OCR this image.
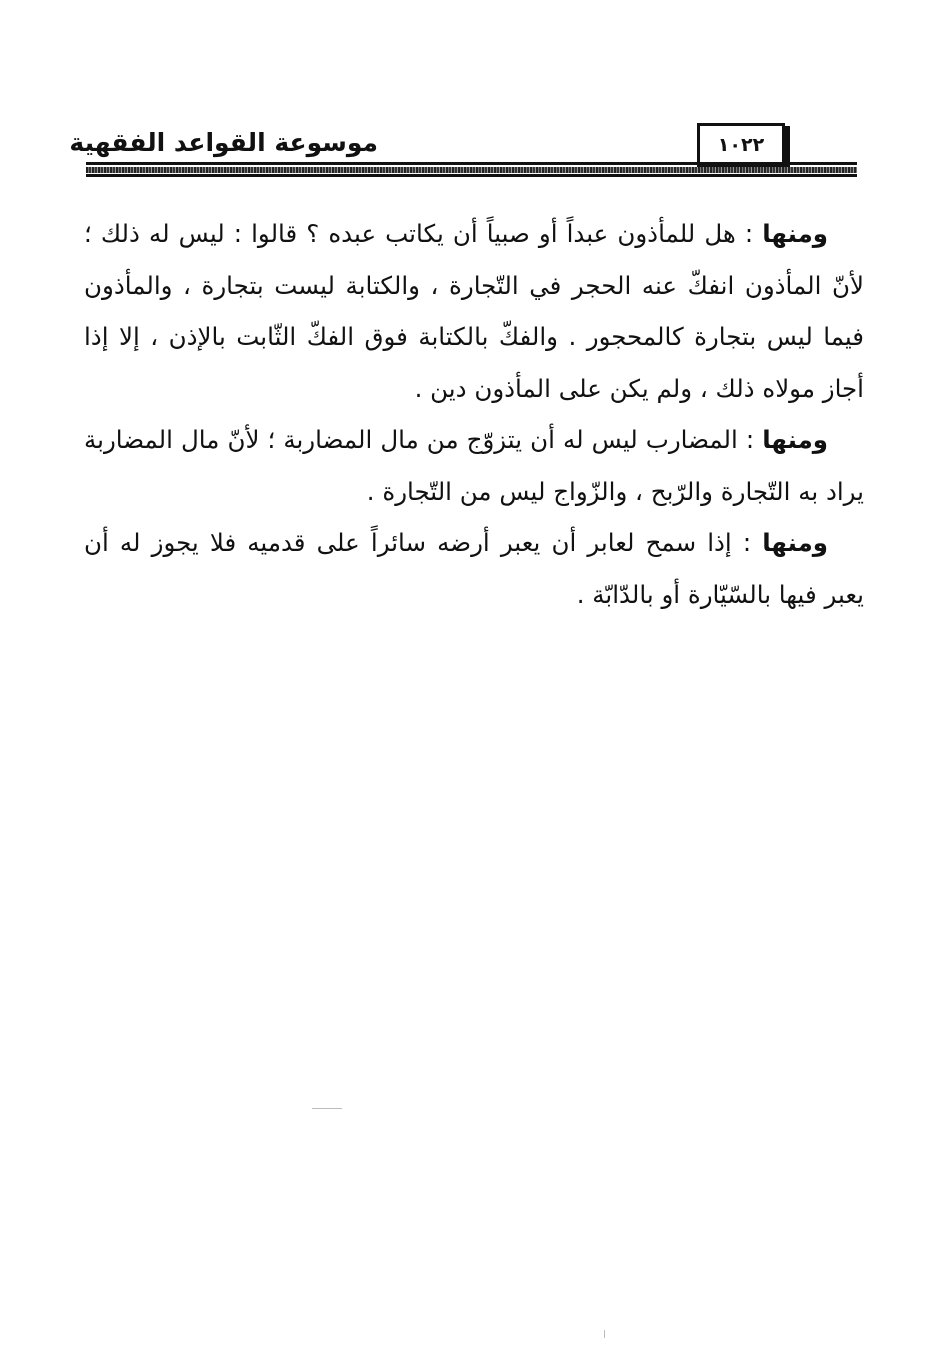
١٠٢٢
موسوعة القواعد الفقهية

ومنها : هل للمأذون عبداً أو صبياً أن يكاتب عبده ؟ قالوا : ليس له ذلك ؛ لأنّ المأذون انفكّ عنه الحجر في التّجارة ، والكتابة ليست بتجارة ، والمأذون فيما ليس بتجارة كالمحجور . والفكّ بالكتابة فوق الفكّ الثّابت بالإذن ، إلا إذا أجاز مولاه ذلك ، ولم يكن على المأذون دين .

ومنها : المضارب ليس له أن يتزوّج من مال المضاربة ؛ لأنّ مال المضاربة يراد به التّجارة والرّبح ، والزّواج ليس من التّجارة .

ومنها : إذا سمح لعابر أن يعبر أرضه سائراً على قدميه فلا يجوز له أن يعبر فيها بالسّيّارة أو بالدّابّة .
